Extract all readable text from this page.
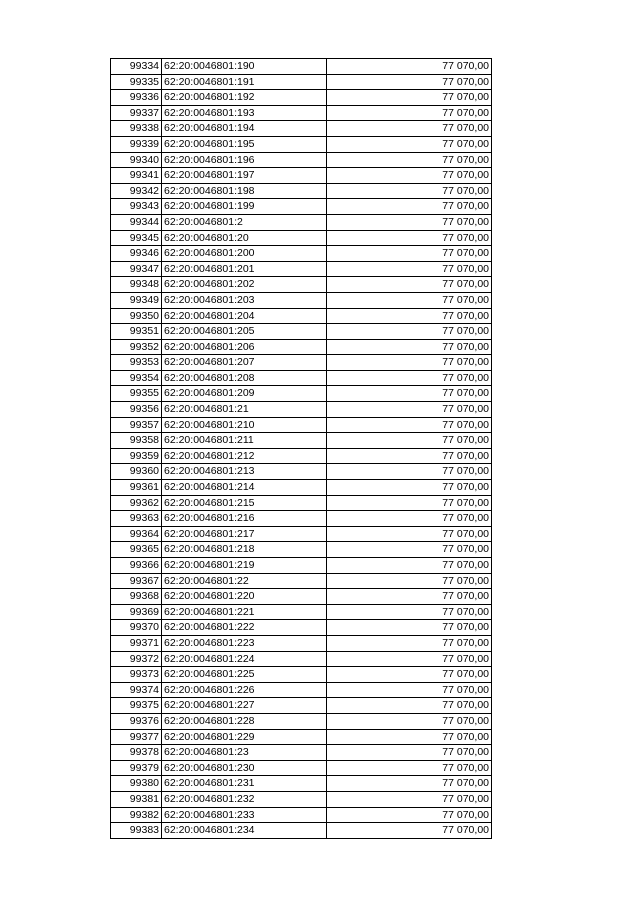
99334	62:20:0046801:190	77 070,00
99335	62:20:0046801:191	77 070,00
99336	62:20:0046801:192	77 070,00
99337	62:20:0046801:193	77 070,00
99338	62:20:0046801:194	77 070,00
99339	62:20:0046801:195	77 070,00
99340	62:20:0046801:196	77 070,00
99341	62:20:0046801:197	77 070,00
99342	62:20:0046801:198	77 070,00
99343	62:20:0046801:199	77 070,00
99344	62:20:0046801:2	77 070,00
99345	62:20:0046801:20	77 070,00
99346	62:20:0046801:200	77 070,00
99347	62:20:0046801:201	77 070,00
99348	62:20:0046801:202	77 070,00
99349	62:20:0046801:203	77 070,00
99350	62:20:0046801:204	77 070,00
99351	62:20:0046801:205	77 070,00
99352	62:20:0046801:206	77 070,00
99353	62:20:0046801:207	77 070,00
99354	62:20:0046801:208	77 070,00
99355	62:20:0046801:209	77 070,00
99356	62:20:0046801:21	77 070,00
99357	62:20:0046801:210	77 070,00
99358	62:20:0046801:211	77 070,00
99359	62:20:0046801:212	77 070,00
99360	62:20:0046801:213	77 070,00
99361	62:20:0046801:214	77 070,00
99362	62:20:0046801:215	77 070,00
99363	62:20:0046801:216	77 070,00
99364	62:20:0046801:217	77 070,00
99365	62:20:0046801:218	77 070,00
99366	62:20:0046801:219	77 070,00
99367	62:20:0046801:22	77 070,00
99368	62:20:0046801:220	77 070,00
99369	62:20:0046801:221	77 070,00
99370	62:20:0046801:222	77 070,00
99371	62:20:0046801:223	77 070,00
99372	62:20:0046801:224	77 070,00
99373	62:20:0046801:225	77 070,00
99374	62:20:0046801:226	77 070,00
99375	62:20:0046801:227	77 070,00
99376	62:20:0046801:228	77 070,00
99377	62:20:0046801:229	77 070,00
99378	62:20:0046801:23	77 070,00
99379	62:20:0046801:230	77 070,00
99380	62:20:0046801:231	77 070,00
99381	62:20:0046801:232	77 070,00
99382	62:20:0046801:233	77 070,00
99383	62:20:0046801:234	77 070,00
